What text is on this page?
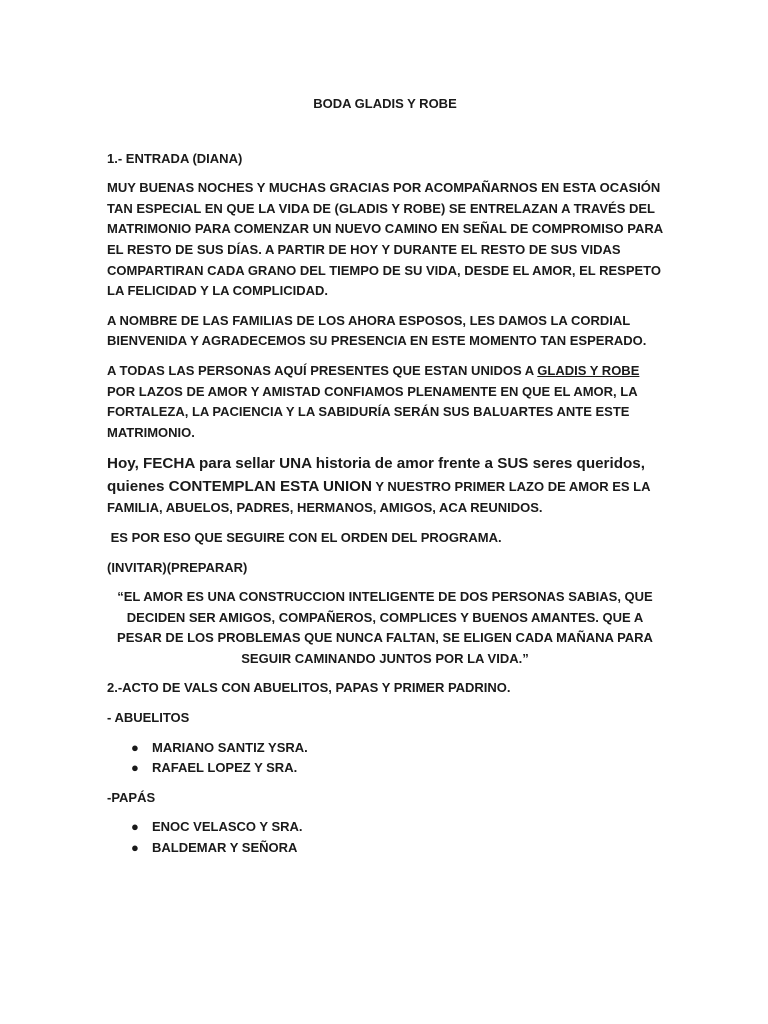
BODA GLADIS Y ROBE
1.- ENTRADA (DIANA)
MUY BUENAS NOCHES Y MUCHAS GRACIAS POR ACOMPAÑARNOS EN ESTA OCASIÓN TAN ESPECIAL EN QUE LA VIDA DE (GLADIS Y ROBE) SE ENTRELAZAN A TRAVÉS DEL MATRIMONIO PARA COMENZAR UN NUEVO CAMINO EN SEÑAL DE COMPROMISO PARA EL RESTO DE SUS DÍAS. A PARTIR DE HOY Y DURANTE EL RESTO DE SUS VIDAS COMPARTIRAN CADA GRANO DEL TIEMPO DE SU VIDA, DESDE EL AMOR, EL RESPETO LA FELICIDAD Y LA COMPLICIDAD.
A NOMBRE DE LAS FAMILIAS DE LOS AHORA ESPOSOS, LES DAMOS LA CORDIAL BIENVENIDA Y AGRADECEMOS SU PRESENCIA EN ESTE MOMENTO TAN ESPERADO.
A TODAS LAS PERSONAS AQUÍ PRESENTES QUE ESTAN UNIDOS A GLADIS Y ROBE POR LAZOS DE AMOR Y AMISTAD CONFIAMOS PLENAMENTE EN QUE EL AMOR, LA FORTALEZA, LA PACIENCIA Y LA SABIDURÍA SERÁN SUS BALUARTES ANTE ESTE MATRIMONIO.
Hoy, FECHA para sellar UNA historia de amor frente a SUS seres queridos, quienes CONTEMPLAN ESTA UNION Y NUESTRO PRIMER LAZO DE AMOR ES LA FAMILIA, ABUELOS, PADRES, HERMANOS, AMIGOS, ACA REUNIDOS.
ES POR ESO QUE SEGUIRE CON EL ORDEN DEL PROGRAMA.
(INVITAR)(PREPARAR)
“EL AMOR ES UNA CONSTRUCCION INTELIGENTE DE DOS PERSONAS SABIAS, QUE DECIDEN SER AMIGOS, COMPAÑEROS, COMPLICES Y BUENOS AMANTES. QUE A PESAR DE LOS PROBLEMAS QUE NUNCA FALTAN, SE ELIGEN CADA MAÑANA PARA SEGUIR CAMINANDO JUNTOS POR LA VIDA.”
2.-ACTO DE VALS CON ABUELITOS, PAPAS Y PRIMER PADRINO.
- ABUELITOS
● MARIANO SANTIZ YSRA.
● RAFAEL LOPEZ Y SRA.
-PAPÁS
● ENOC VELASCO Y SRA.
● BALDEMAR Y SEÑORA
